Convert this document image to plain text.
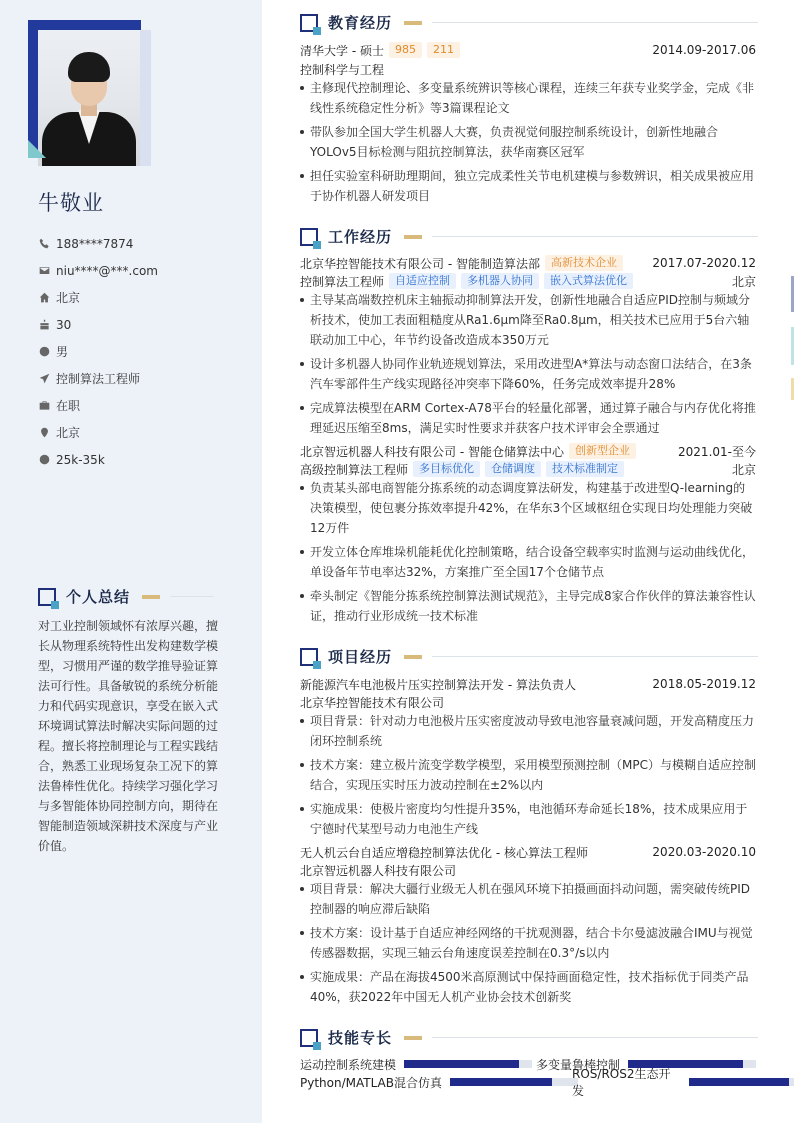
牛敬业
188****7874
niu****@***.com
北京
30
男
控制算法工程师
在职
北京
25k-35k
个人总结
对工业控制领域怀有浓厚兴趣，擅长从物理系统特性出发构建数学模型，习惯用严谨的数学推导验证算法可行性。具备敏锐的系统分析能力和代码实现意识，享受在嵌入式环境调试算法时解决实际问题的过程。擅长将控制理论与工程实践结合，熟悉工业现场复杂工况下的算法鲁棒性优化。持续学习强化学习与多智能体协同控制方向，期待在智能制造领域深耕技术深度与产业价值。
教育经历
清华大学 - 硕士	985	211	2014.09-2017.06
控制科学与工程
主修现代控制理论、多变量系统辨识等核心课程，连续三年获专业奖学金，完成《非线性系统稳定性分析》等3篇课程论文
带队参加全国大学生机器人大赛，负责视觉伺服控制系统设计，创新性地融合YOLOv5目标检测与阻抗控制算法，获华南赛区冠军
担任实验室科研助理期间，独立完成柔性关节电机建模与参数辨识，相关成果被应用于协作机器人研发项目
工作经历
北京华控智能技术有限公司 - 智能制造算法部	高新技术企业	2017.07-2020.12
控制算法工程师	自适应控制	多机器人协同	嵌入式算法优化	北京
主导某高端数控机床主轴振动抑制算法开发，创新性地融合自适应PID控制与频域分析技术，使加工表面粗糙度从Ra1.6μm降至Ra0.8μm，相关技术已应用于5台六轴联动加工中心，年节约设备改造成本350万元
设计多机器人协同作业轨迹规划算法，采用改进型A*算法与动态窗口法结合，在3条汽车零部件生产线实现路径冲突率下降60%，任务完成效率提升28%
完成算法模型在ARM Cortex-A78平台的轻量化部署，通过算子融合与内存优化将推理延迟压缩至8ms，满足实时性要求并获客户技术评审会全票通过
北京智远机器人科技有限公司 - 智能仓储算法中心	创新型企业	2021.01-至今
高级控制算法工程师	多目标优化	仓储调度	技术标准制定	北京
负责某头部电商智能分拣系统的动态调度算法研发，构建基于改进型Q-learning的决策模型，使包裹分拣效率提升42%，在华东3个区域枢纽仓实现日均处理能力突破12万件
开发立体仓库堆垛机能耗优化控制策略，结合设备空载率实时监测与运动曲线优化，单设备年节电率达32%，方案推广至全国17个仓储节点
牵头制定《智能分拣系统控制算法测试规范》，主导完成8家合作伙伴的算法兼容性认证，推动行业形成统一技术标准
项目经历
新能源汽车电池极片压实控制算法开发 - 算法负责人	2018.05-2019.12
北京华控智能技术有限公司
项目背景：针对动力电池极片压实密度波动导致电池容量衰减问题，开发高精度压力闭环控制系统
技术方案：建立极片流变学数学模型，采用模型预测控制（MPC）与模糊自适应控制结合，实现压实时压力波动控制在±2%以内
实施成果：使极片密度均匀性提升35%，电池循环寿命延长18%，技术成果应用于宁德时代某型号动力电池生产线
无人机云台自适应增稳控制算法优化 - 核心算法工程师	2020.03-2020.10
北京智远机器人科技有限公司
项目背景：解决大疆行业级无人机在强风环境下拍摄画面抖动问题，需突破传统PID控制器的响应滞后缺陷
技术方案：设计基于自适应神经网络的干扰观测器，结合卡尔曼滤波融合IMU与视觉传感器数据，实现三轴云台角速度误差控制在0.3°/s以内
实施成果：产品在海拔4500米高原测试中保持画面稳定性，技术指标优于同类产品40%，获2022年中国无人机产业协会技术创新奖
技能专长
运动控制系统建模	多变量鲁棒控制
Python/MATLAB混合仿真
ROS/ROS2生态开发
